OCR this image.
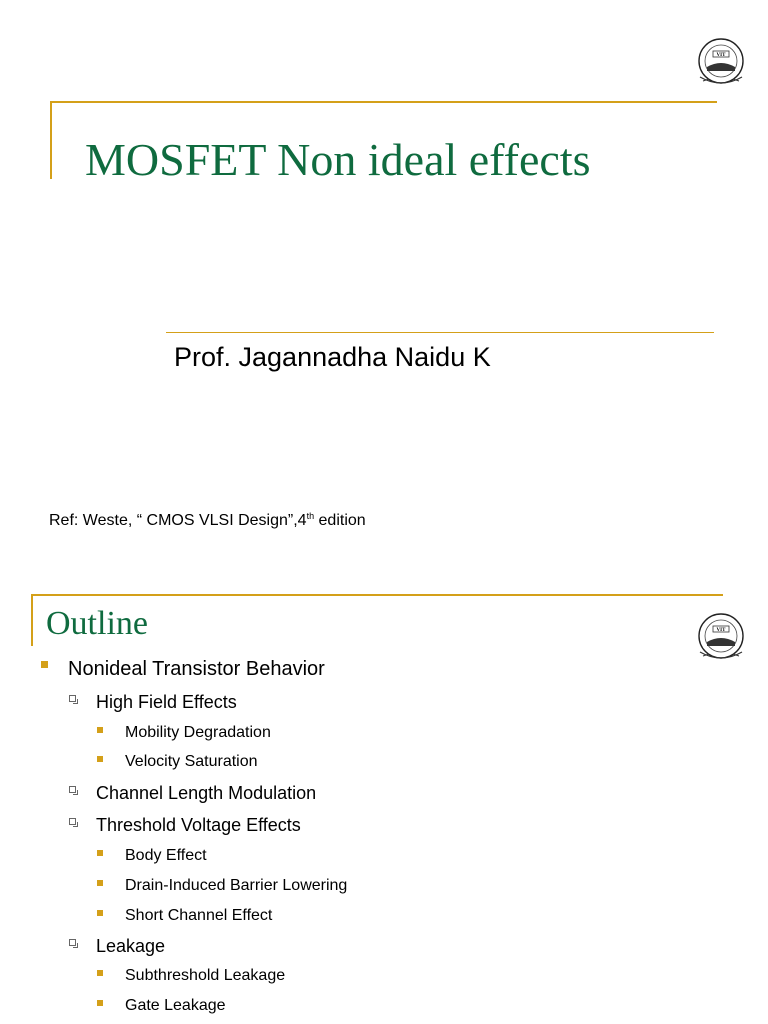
VIT
MOSFET Non ideal effects
Prof. Jagannadha Naidu K
Ref: Weste, “ CMOS VLSI Design”,4th edition
Outline	VIT
Nonideal Transistor Behavior
High Field Effects
Mobility Degradation
Velocity Saturation
Channel Length Modulation
Threshold Voltage Effects
Body Effect
Drain-Induced Barrier Lowering
Short Channel Effect
Leakage
Subthreshold Leakage
Gate Leakage
